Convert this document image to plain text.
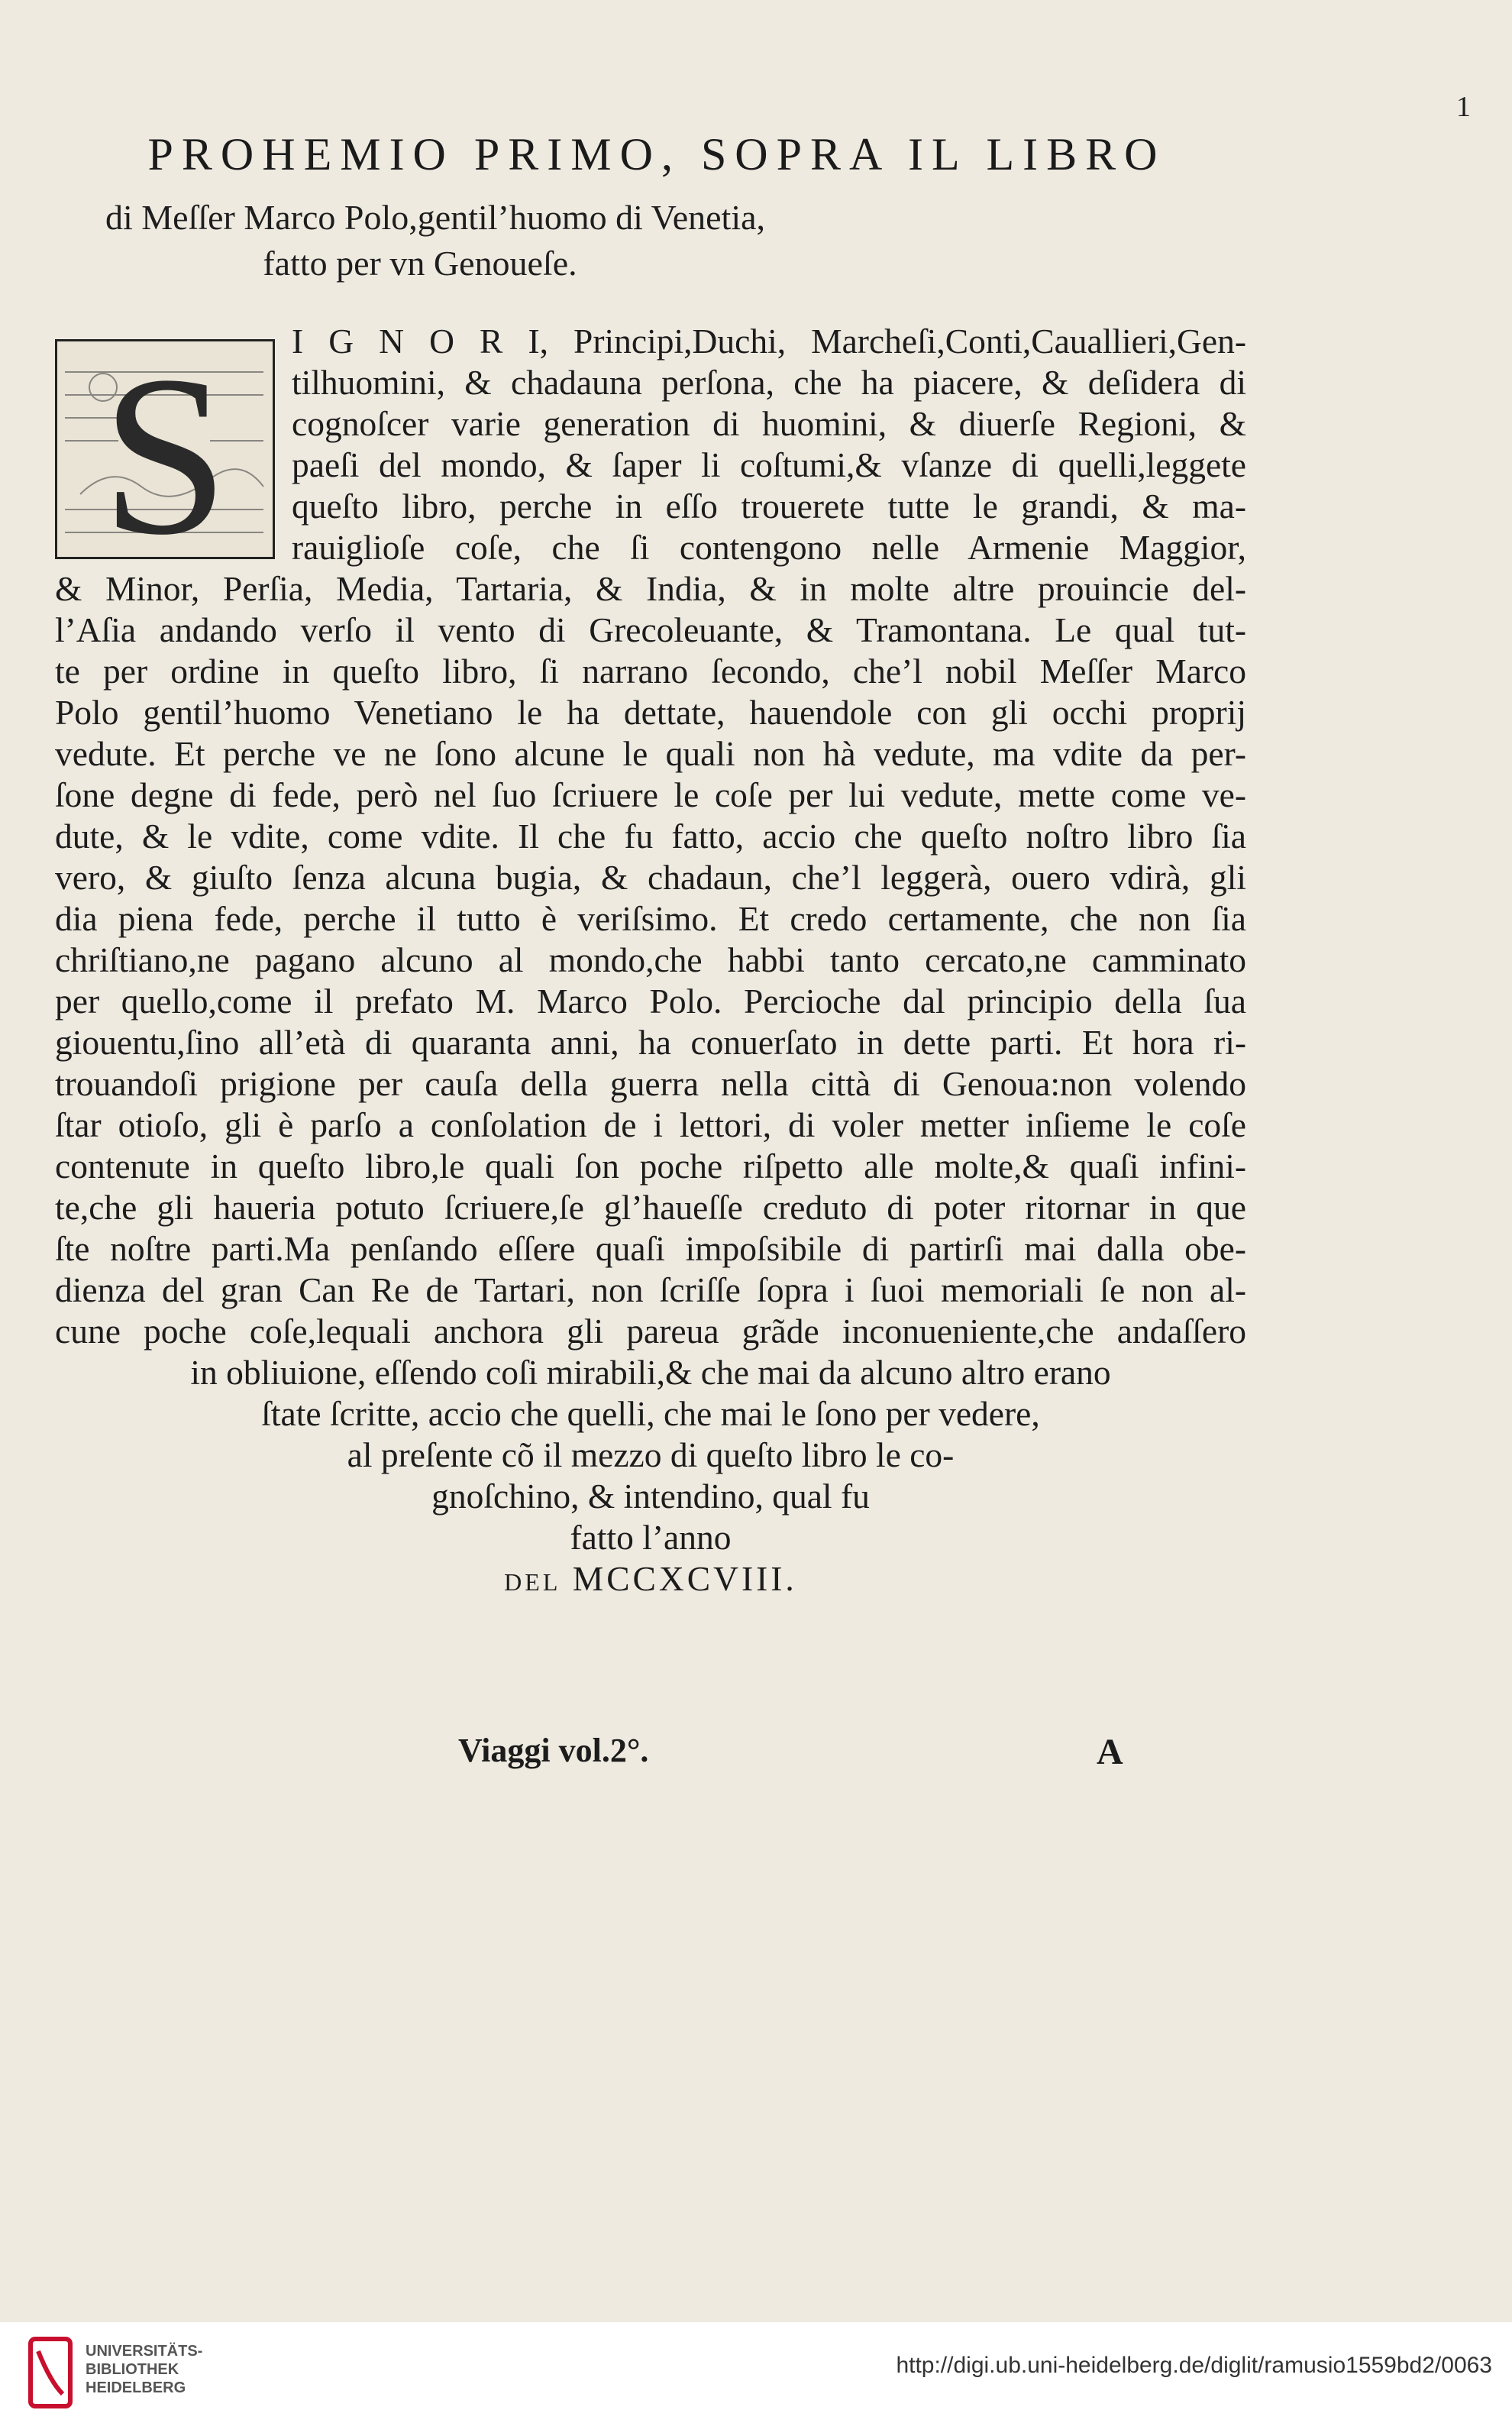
1
PROHEMIO PRIMO, SOPRA IL LIBRO
di Meſſer Marco Polo,gentil’huomo di Venetia,
fatto per vn Genoueſe.
S	I G N O R I, Principi,Duchi, Marcheſi,Conti,Cauallieri,Gen-
tilhuomini, & chadauna perſona, che ha piacere, & deſidera di
cognoſcer varie generation di huomini, & diuerſe Regioni, &
paeſi del mondo, & ſaper li coſtumi,& vſanze di quelli,leggete
queſto libro, perche in eſſo trouerete tutte le grandi, & ma-
rauiglioſe coſe, che ſi contengono nelle Armenie Maggior,
& Minor, Perſia, Media, Tartaria, & India, & in molte altre prouincie del-
l’Aſia andando verſo il vento di Grecoleuante, & Tramontana. Le qual tut-
te per ordine in queſto libro, ſi narrano ſecondo, che’l nobil Meſſer Marco
Polo gentil’huomo Venetiano le ha dettate, hauendole con gli occhi proprij
vedute. Et perche ve ne ſono alcune le quali non hà vedute, ma vdite da per-
ſone degne di fede, però nel ſuo ſcriuere le coſe per lui vedute, mette come ve-
dute, & le vdite, come vdite. Il che fu fatto, accio che queſto noſtro libro ſia
vero, & giuſto ſenza alcuna bugia, & chadaun, che’l leggerà, ouero vdirà, gli
dia piena fede, perche il tutto è veriſsimo. Et credo certamente, che non ſia
chriſtiano,ne pagano alcuno al mondo,che habbi tanto cercato,ne camminato
per quello,come il prefato M. Marco Polo. Percioche dal principio della ſua
giouentu,ſino all’età di quaranta anni, ha conuerſato in dette parti. Et hora ri-
trouandoſi prigione per cauſa della guerra nella città di Genoua:non volendo
ſtar otioſo, gli è parſo a conſolation de i lettori, di voler metter inſieme le coſe
contenute in queſto libro,le quali ſon poche riſpetto alle molte,& quaſi infini-
te,che gli haueria potuto ſcriuere,ſe gl’haueſſe creduto di poter ritornar in que
ſte noſtre parti.Ma penſando eſſere quaſi impoſsibile di partirſi mai dalla obe-
dienza del gran Can Re de Tartari, non ſcriſſe ſopra i ſuoi memoriali ſe non al-
cune poche coſe,lequali anchora gli pareua grãde inconueniente,che andaſſero
in obliuione, eſſendo coſi mirabili,& che mai da alcuno altro erano
ſtate ſcritte, accio che quelli, che mai le ſono per vedere,
al preſente cõ il mezzo di queſto libro le co-
gnoſchino, & intendino, qual fu
fatto l’anno
del MCCXCVIII.
Viaggi vol.2°.	A
UNIVERSITÄTS-
BIBLIOTHEK
HEIDELBERG
http://digi.ub.uni-heidelberg.de/diglit/ramusio1559bd2/0063
